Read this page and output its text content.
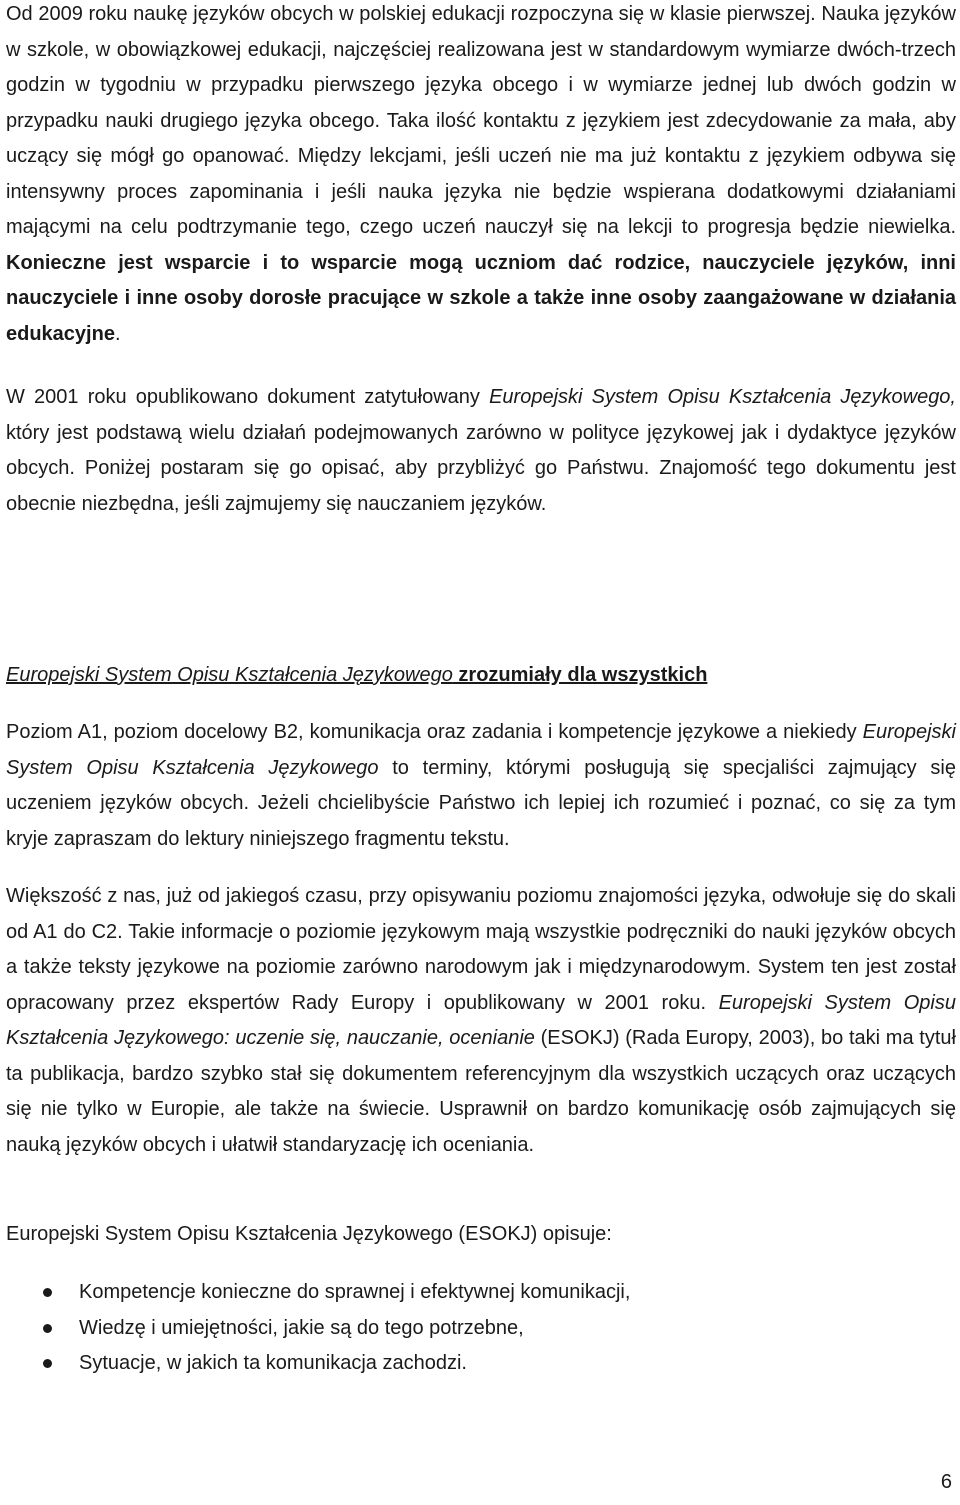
Od 2009 roku naukę języków obcych w polskiej edukacji rozpoczyna się w klasie pierwszej. Nauka języków w szkole, w obowiązkowej edukacji, najczęściej realizowana jest w standardowym wymiarze dwóch-trzech godzin w tygodniu w przypadku pierwszego języka obcego i w wymiarze jednej lub dwóch godzin w przypadku nauki drugiego języka obcego. Taka ilość kontaktu z językiem jest zdecydowanie za mała, aby uczący się mógł go opanować. Między lekcjami, jeśli uczeń nie ma już kontaktu z językiem odbywa się intensywny proces zapominania i jeśli nauka języka nie będzie wspierana dodatkowymi działaniami mającymi na celu podtrzymanie tego, czego uczeń nauczył się na lekcji to progresja będzie niewielka. Konieczne jest wsparcie i to wsparcie mogą uczniom dać rodzice, nauczyciele języków, inni nauczyciele i inne osoby dorosłe pracujące w szkole a także inne osoby zaangażowane w działania edukacyjne.

W 2001 roku opublikowano dokument zatytułowany Europejski System Opisu Kształcenia Językowego, który jest podstawą wielu działań podejmowanych zarówno w polityce językowej jak i dydaktyce języków obcych. Poniżej postaram się go opisać, aby przybliżyć go Państwu. Znajomość tego dokumentu jest obecnie niezbędna, jeśli zajmujemy się nauczaniem języków.

Europejski System Opisu Kształcenia Językowego zrozumiały dla wszystkich

Poziom A1, poziom docelowy B2, komunikacja oraz zadania i kompetencje językowe a niekiedy Europejski System Opisu Kształcenia Językowego to terminy, którymi posługują się specjaliści zajmujący się uczeniem języków obcych. Jeżeli chcielibyście Państwo ich lepiej ich rozumieć i poznać, co się za tym kryje zapraszam do lektury niniejszego fragmentu tekstu.

Większość z nas, już od jakiegoś czasu, przy opisywaniu poziomu znajomości języka, odwołuje się do skali od A1 do C2. Takie informacje o poziomie językowym mają wszystkie podręczniki do nauki języków obcych a także teksty językowe na poziomie zarówno narodowym jak i międzynarodowym. System ten jest został opracowany przez ekspertów Rady Europy i opublikowany w 2001 roku. Europejski System Opisu Kształcenia Językowego: uczenie się, nauczanie, ocenianie (ESOKJ) (Rada Europy, 2003), bo taki ma tytuł ta publikacja, bardzo szybko stał się dokumentem referencyjnym dla wszystkich uczących oraz uczących się nie tylko w Europie, ale także na świecie. Usprawnił on bardzo komunikację osób zajmujących się nauką języków obcych i ułatwił standaryzację ich oceniania.

Europejski System Opisu Kształcenia Językowego (ESOKJ) opisuje:

Kompetencje konieczne do sprawnej i efektywnej komunikacji,
Wiedzę i umiejętności, jakie są do tego potrzebne,
Sytuacje, w jakich ta komunikacja zachodzi.
6
